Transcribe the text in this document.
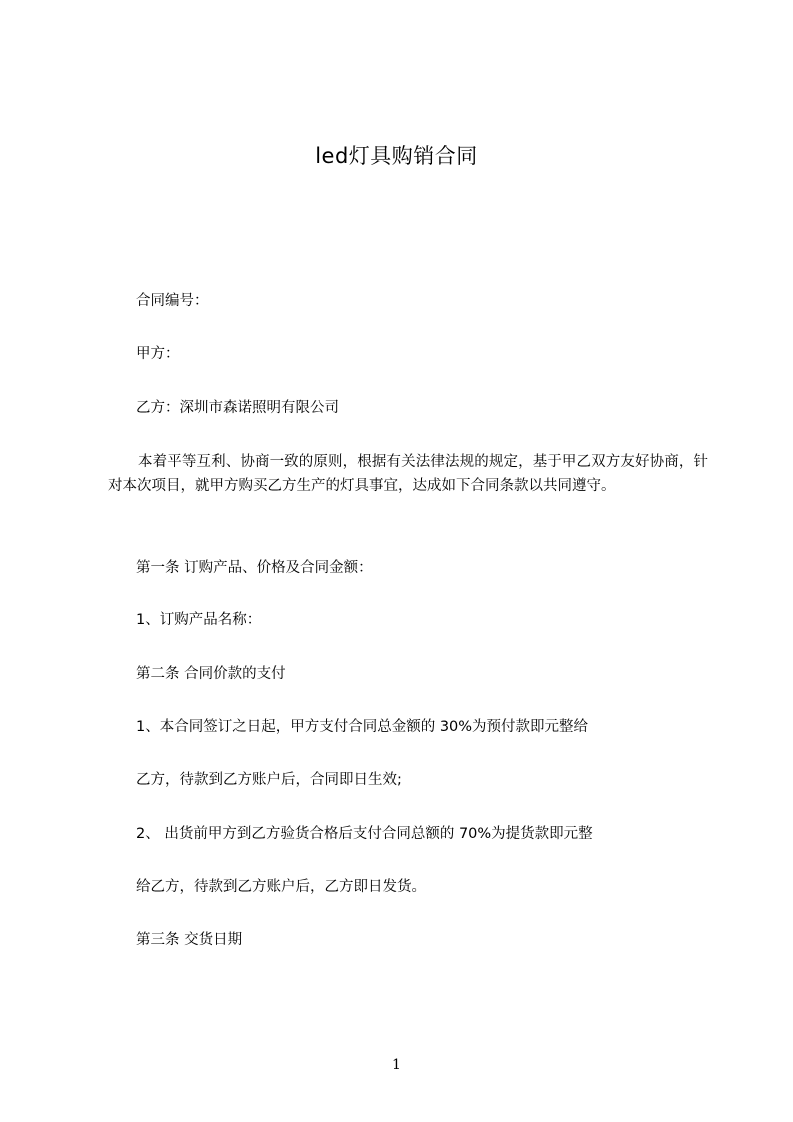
led灯具购销合同

合同编号：

甲方：

乙方：深圳市森诺照明有限公司

本着平等互利、协商一致的原则，根据有关法律法规的规定，基于甲乙双方友好协商，针对本次项目，就甲方购买乙方生产的灯具事宜，达成如下合同条款以共同遵守。

第一条 订购产品、价格及合同金额：

1、订购产品名称：

第二条 合同价款的支付

1、本合同签订之日起，甲方支付合同总金额的 30%为预付款即元整给

乙方，待款到乙方账户后，合同即日生效;

2、 出货前甲方到乙方验货合格后支付合同总额的 70%为提货款即元整

给乙方，待款到乙方账户后，乙方即日发货。

第三条 交货日期

1
